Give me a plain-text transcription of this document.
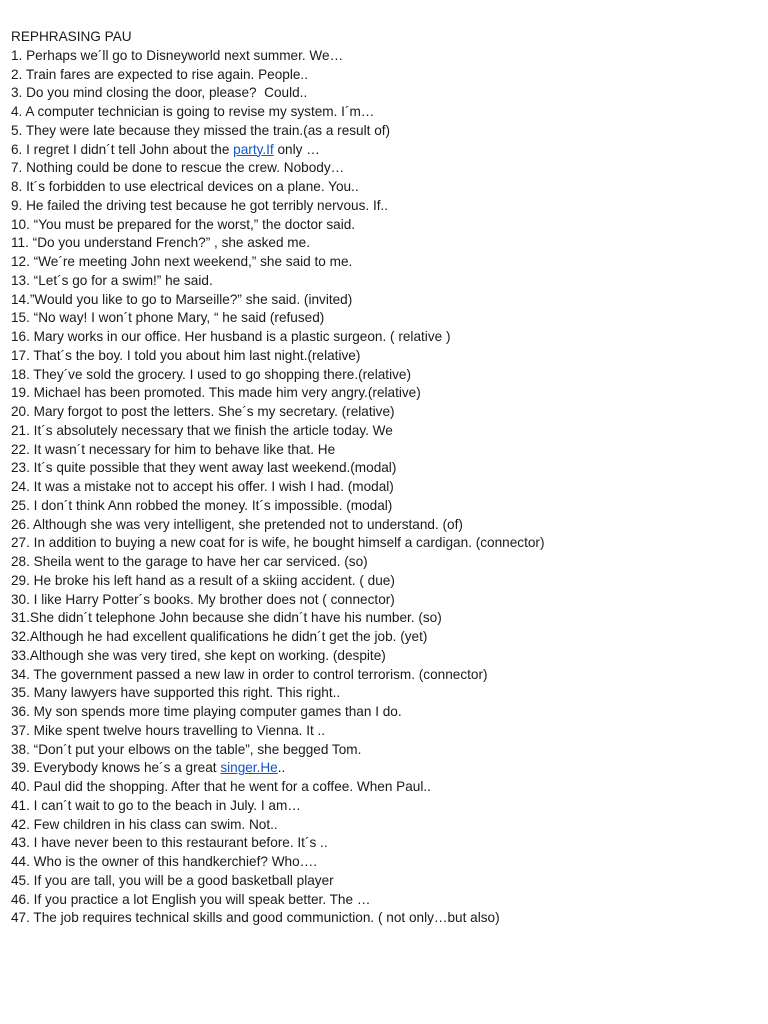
REPHRASING PAU
1. Perhaps we´ll go to Disneyworld next summer. We…
2. Train fares are expected to rise again. People..
3. Do you mind closing the door, please?  Could..
4. A computer technician is going to revise my system. I´m…
5. They were late because they missed the train.(as a result of)
6. I regret I didn´t tell John about the party.If only …
7. Nothing could be done to rescue the crew. Nobody…
8. It´s forbidden to use electrical devices on a plane. You..
9. He failed the driving test because he got terribly nervous. If..
10. “You must be prepared for the worst,” the doctor said.
11. “Do you understand French?” , she asked me.
12. “We´re meeting John next weekend,” she said to me.
13. “Let´s go for a swim!” he said.
14.”Would you like to go to Marseille?” she said. (invited)
15. “No way! I won´t phone Mary, “ he said (refused)
16. Mary works in our office. Her husband is a plastic surgeon. ( relative )
17. That´s the boy. I told you about him last night.(relative)
18. They´ve sold the grocery. I used to go shopping there.(relative)
19. Michael has been promoted. This made him very angry.(relative)
20. Mary forgot to post the letters. She´s my secretary. (relative)
21. It´s absolutely necessary that we finish the article today. We
22. It wasn´t necessary for him to behave like that. He
23. It´s quite possible that they went away last weekend.(modal)
24. It was a mistake not to accept his offer. I wish I had. (modal)
25. I don´t think Ann robbed the money. It´s impossible. (modal)
26. Although she was very intelligent, she pretended not to understand. (of)
27. In addition to buying a new coat for is wife, he bought himself a cardigan. (connector)
28. Sheila went to the garage to have her car serviced. (so)
29. He broke his left hand as a result of a skiing accident. ( due)
30. I like Harry Potter´s books. My brother does not ( connector)
31.She didn´t telephone John because she didn´t have his number. (so)
32.Although he had excellent qualifications he didn´t get the job. (yet)
33.Although she was very tired, she kept on working. (despite)
34. The government passed a new law in order to control terrorism. (connector)
35. Many lawyers have supported this right. This right..
36. My son spends more time playing computer games than I do.
37. Mike spent twelve hours travelling to Vienna. It ..
38. “Don´t put your elbows on the table”, she begged Tom.
39. Everybody knows he´s a great singer.He..
40. Paul did the shopping. After that he went for a coffee. When Paul..
41. I can´t wait to go to the beach in July. I am…
42. Few children in his class can swim. Not..
43. I have never been to this restaurant before. It´s ..
44. Who is the owner of this handkerchief? Who….
45. If you are tall, you will be a good basketball player
46. If you practice a lot English you will speak better. The …
47. The job requires technical skills and good communiction. ( not only…but also)
